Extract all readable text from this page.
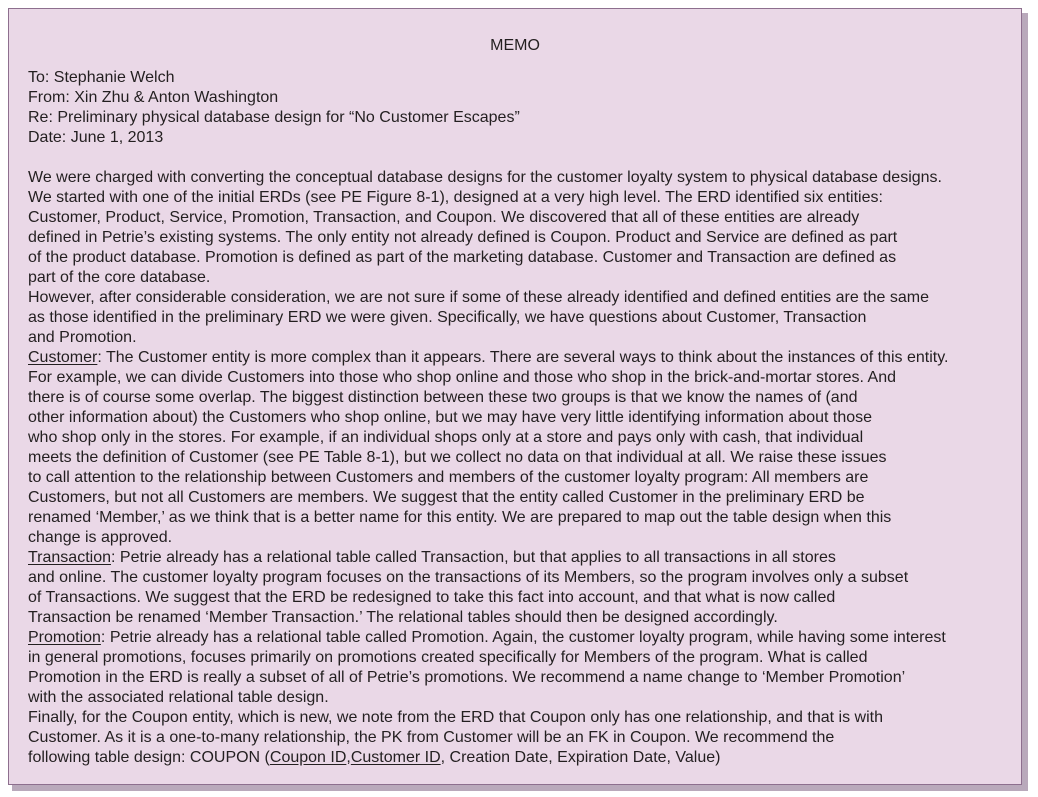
MEMO
To: Stephanie Welch
From: Xin Zhu & Anton Washington
Re: Preliminary physical database design for “No Customer Escapes”
Date: June 1, 2013

We were charged with converting the conceptual database designs for the customer loyalty system to physical database designs.
We started with one of the initial ERDs (see PE Figure 8-1), designed at a very high level. The ERD identified six entities:
Customer, Product, Service, Promotion, Transaction, and Coupon. We discovered that all of these entities are already
defined in Petrie’s existing systems. The only entity not already defined is Coupon. Product and Service are defined as part
of the product database. Promotion is defined as part of the marketing database. Customer and Transaction are defined as
part of the core database.

However, after considerable consideration, we are not sure if some of these already identified and defined entities are the same
as those identified in the preliminary ERD we were given. Specifically, we have questions about Customer, Transaction
and Promotion.

Customer: The Customer entity is more complex than it appears. There are several ways to think about the instances of this entity.
For example, we can divide Customers into those who shop online and those who shop in the brick-and-mortar stores. And
there is of course some overlap. The biggest distinction between these two groups is that we know the names of (and
other information about) the Customers who shop online, but we may have very little identifying information about those
who shop only in the stores. For example, if an individual shops only at a store and pays only with cash, that individual
meets the definition of Customer (see PE Table 8-1), but we collect no data on that individual at all. We raise these issues
to call attention to the relationship between Customers and members of the customer loyalty program: All members are
Customers, but not all Customers are members. We suggest that the entity called Customer in the preliminary ERD be
renamed ‘Member,’ as we think that is a better name for this entity. We are prepared to map out the table design when this
change is approved.

Transaction: Petrie already has a relational table called Transaction, but that applies to all transactions in all stores
and online. The customer loyalty program focuses on the transactions of its Members, so the program involves only a subset
of Transactions. We suggest that the ERD be redesigned to take this fact into account, and that what is now called
Transaction be renamed ‘Member Transaction.’ The relational tables should then be designed accordingly.

Promotion: Petrie already has a relational table called Promotion. Again, the customer loyalty program, while having some interest
in general promotions, focuses primarily on promotions created specifically for Members of the program. What is called
Promotion in the ERD is really a subset of all of Petrie’s promotions. We recommend a name change to ‘Member Promotion’
with the associated relational table design.

Finally, for the Coupon entity, which is new, we note from the ERD that Coupon only has one relationship, and that is with
Customer. As it is a one-to-many relationship, the PK from Customer will be an FK in Coupon. We recommend the
following table design: COUPON (Coupon ID,Customer ID, Creation Date, Expiration Date, Value)
